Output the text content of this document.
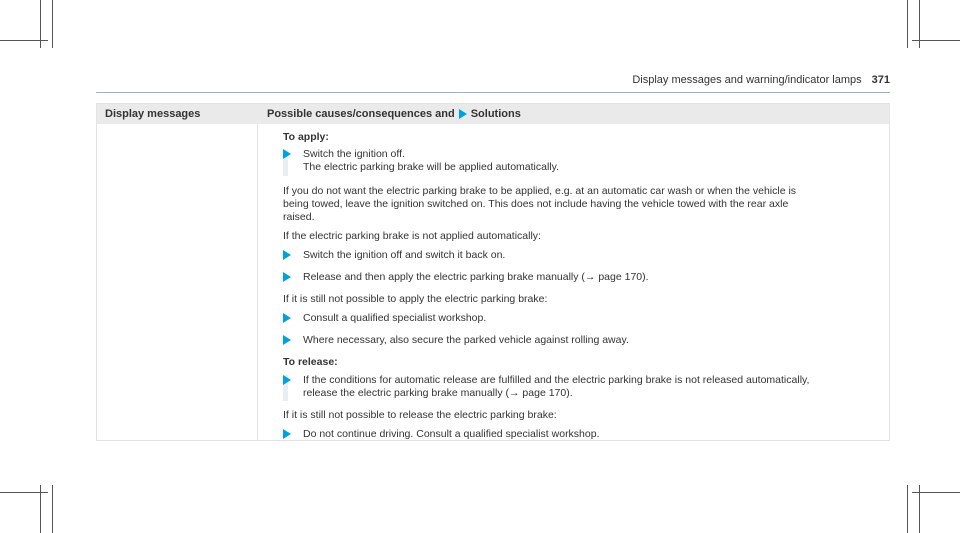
Display messages and warning/indicator lamps 371
Display messages	Possible causes/consequences and Solutions
To apply:
Switch the ignition off.
The electric parking brake will be applied automatically.
If you do not want the electric parking brake to be applied, e.g. at an automatic car wash or when the vehicle is
being towed, leave the ignition switched on. This does not include having the vehicle towed with the rear axle
raised.
If the electric parking brake is not applied automatically:
Switch the ignition off and switch it back on.
Release and then apply the electric parking brake manually (→ page 170).
If it is still not possible to apply the electric parking brake:
Consult a qualified specialist workshop.
Where necessary, also secure the parked vehicle against rolling away.
To release:
If the conditions for automatic release are fulfilled and the electric parking brake is not released automatically,
release the electric parking brake manually (→ page 170).
If it is still not possible to release the electric parking brake:
Do not continue driving. Consult a qualified specialist workshop.
